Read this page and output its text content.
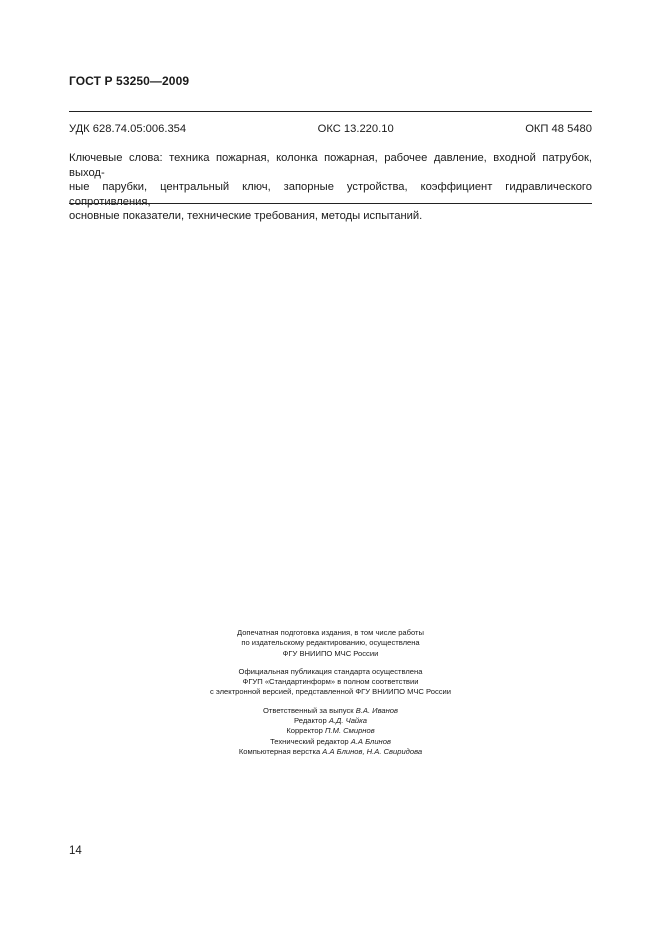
ГОСТ Р 53250—2009
УДК 628.74.05:006.354	ОКС 13.220.10	ОКП 48 5480
Ключевые слова: техника пожарная, колонка пожарная, рабочее давление, входной патрубок, выход-
ные парубки, центральный ключ, запорные устройства, коэффициент гидравлического сопротивления,
основные показатели, технические требования, методы испытаний.
Допечатная подготовка издания, в том числе работы
по издательскому редактированию, осуществлена
ФГУ ВНИИПО МЧС России
Официальная публикация стандарта осуществлена
ФГУП «Стандартинформ» в полном соответствии
с электронной версией, представленной ФГУ ВНИИПО МЧС России
Ответственный за выпуск В.А. Иванов
Редактор А.Д. Чайка
Корректор П.М. Смирнов
Технический редактор А.А Блинов
Компьютерная верстка А.А Блинов, Н.А. Свиридова
14
